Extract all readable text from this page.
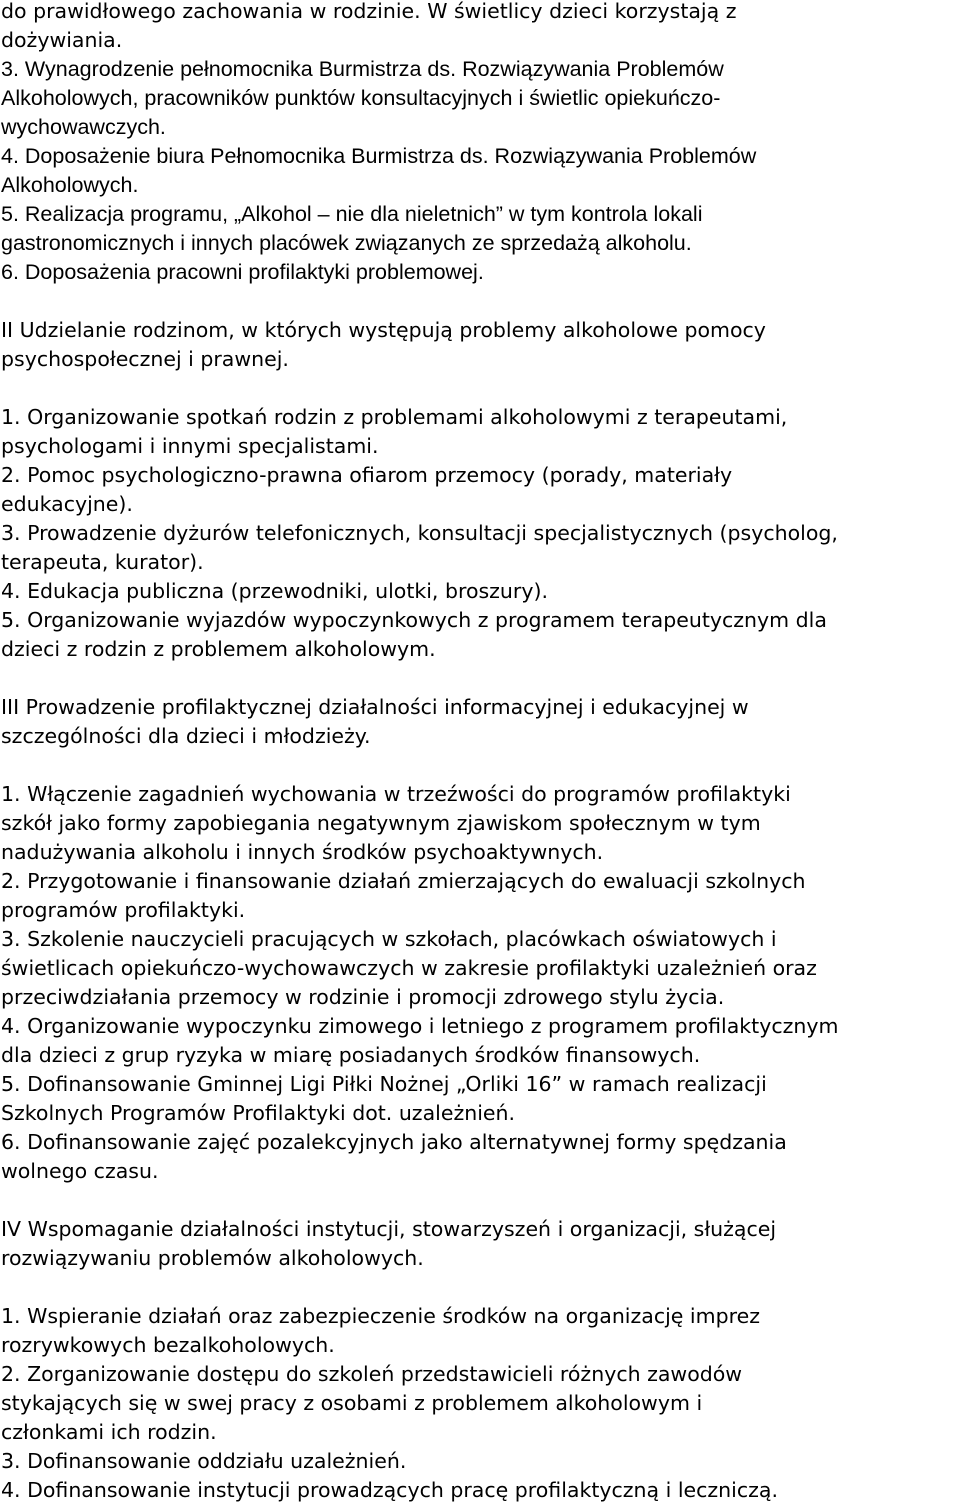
do prawidłowego zachowania w rodzinie. W świetlicy dzieci korzystają z
dożywiania.
3. Wynagrodzenie pełnomocnika Burmistrza ds. Rozwiązywania Problemów
Alkoholowych, pracowników punktów konsultacyjnych i świetlic opiekuńczo-
wychowawczych.
4. Doposażenie biura Pełnomocnika Burmistrza ds. Rozwiązywania Problemów
Alkoholowych.
5. Realizacja programu, „Alkohol – nie dla nieletnich” w tym kontrola lokali
gastronomicznych i innych placówek związanych ze sprzedażą alkoholu.
6. Doposażenia pracowni profilaktyki problemowej.
II Udzielanie rodzinom, w których występują problemy alkoholowe pomocy
psychospołecznej i prawnej.
1. Organizowanie spotkań rodzin z problemami alkoholowymi z terapeutami,
psychologami i innymi specjalistami.
2. Pomoc psychologiczno-prawna ofiarom przemocy (porady, materiały
edukacyjne).
3. Prowadzenie dyżurów telefonicznych, konsultacji specjalistycznych (psycholog,
terapeuta, kurator).
4. Edukacja publiczna (przewodniki, ulotki, broszury).
5. Organizowanie wyjazdów wypoczynkowych z programem terapeutycznym dla
dzieci z rodzin z problemem alkoholowym.
III Prowadzenie profilaktycznej działalności informacyjnej i edukacyjnej w
szczególności dla dzieci i młodzieży.
1. Włączenie zagadnień wychowania w trzeźwości do programów profilaktyki
szkół jako formy zapobiegania negatywnym zjawiskom społecznym w tym
nadużywania alkoholu i innych środków psychoaktywnych.
2. Przygotowanie i finansowanie działań zmierzających do ewaluacji szkolnych
programów profilaktyki.
3. Szkolenie nauczycieli pracujących w szkołach, placówkach oświatowych i
świetlicach opiekuńczo-wychowawczych w zakresie profilaktyki uzależnień oraz
przeciwdziałania przemocy w rodzinie i promocji zdrowego stylu życia.
4. Organizowanie wypoczynku zimowego i letniego z programem profilaktycznym
dla dzieci z grup ryzyka w miarę posiadanych środków finansowych.
5. Dofinansowanie Gminnej Ligi Piłki Nożnej „Orliki 16” w ramach realizacji
Szkolnych Programów Profilaktyki dot. uzależnień.
6. Dofinansowanie zajęć pozalekcyjnych jako alternatywnej formy spędzania
wolnego czasu.
IV Wspomaganie działalności instytucji, stowarzyszeń i organizacji, służącej
rozwiązywaniu problemów alkoholowych.
1. Wspieranie działań oraz zabezpieczenie środków na organizację imprez
rozrywkowych bezalkoholowych.
2. Zorganizowanie dostępu do szkoleń przedstawicieli różnych zawodów
stykających się w swej pracy z osobami z problemem alkoholowym i
członkami ich rodzin.
3. Dofinansowanie oddziału uzależnień.
4. Dofinansowanie instytucji prowadzących pracę profilaktyczną i leczniczą.
